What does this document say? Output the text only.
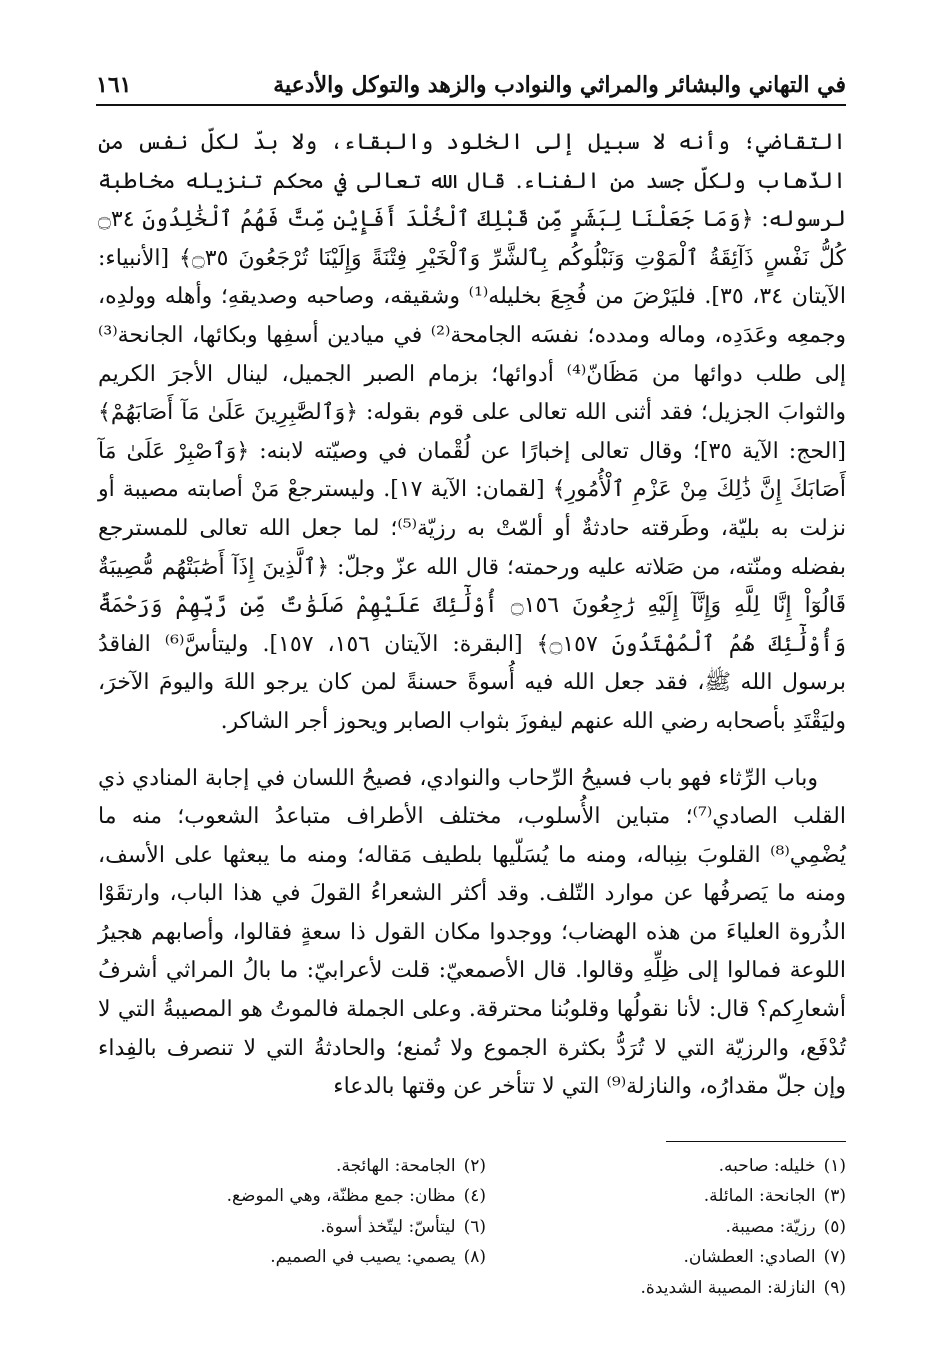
في التهاني والبشائر والمراثي والنوادب والزهد والتوكل والأدعية
١٦١

التقاضي؛ وأنه لا سبيل إلى الخلود والبقاء، ولا بدّ لكلّ نفس من الذّهاب ولكلّ جسد من الفناء. قال الله تعالى في محكم تنزيله مخاطبة لرسوله: ﴿وَمَا جَعَلْنَا لِبَشَرٍ مِّن قَبْلِكَ ٱلْخُلْدَ أَفَإِيْن مِّتَّ فَهُمُ ٱلْخَٰلِدُونَ ۝٣٤ كُلُّ نَفْسٍ ذَآئِقَةُ ٱلْمَوْتِ وَنَبْلُوكُم بِٱلشَّرِّ وَٱلْخَيْرِ فِتْنَةً وَإِلَيْنَا تُرْجَعُونَ ۝٣٥﴾ [الأنبياء: الآيتان ٣٤، ٣٥]. فليَرْضَ من فُجِعَ بخليله⁽¹⁾ وشقيقه، وصاحبه وصديقهِ؛ وأهله وولدِه، وجمعِه وعَدَدِه، وماله ومدده؛ نفسَه الجامحة⁽²⁾ في ميادين أسفِها وبكائها، الجانحة⁽³⁾ إلى طلب دوائها من مَظَانّ⁽⁴⁾ أدوائها؛ بزمام الصبر الجميل، لينال الأجرَ الكريم والثوابَ الجزيل؛ فقد أثنى الله تعالى على قوم بقوله: ﴿وَٱلصَّٰبِرِينَ عَلَىٰ مَآ أَصَابَهُمْ﴾ [الحج: الآية ٣٥]؛ وقال تعالى إخبارًا عن لُقْمان في وصيّته لابنه: ﴿وَٱصْبِرْ عَلَىٰ مَآ أَصَابَكَ إِنَّ ذَٰلِكَ مِنْ عَزْمِ ٱلْأُمُورِ﴾ [لقمان: الآية ١٧]. وليسترجعْ مَنْ أصابته مصيبة أو نزلت به بليّة، وطَرقته حادثةٌ أو ألمّتْ به رزيّة⁽⁵⁾؛ لما جعل الله تعالى للمسترجع بفضله ومنّته، من صَلاته عليه ورحمته؛ قال الله عزّ وجلّ: ﴿ٱلَّذِينَ إِذَآ أَصَٰبَتْهُم مُّصِيبَةٌ قَالُوٓاْ إِنَّا لِلَّهِ وَإِنَّآ إِلَيْهِ رَٰجِعُونَ ۝١٥٦ أُوْلَٰٓئِكَ عَلَيْهِمْ صَلَوَٰتٌ مِّن رَّبِّهِمْ وَرَحْمَةٌ وَأُوْلَٰٓئِكَ هُمُ ٱلْمُهْتَدُونَ ۝١٥٧﴾ [البقرة: الآيتان ١٥٦، ١٥٧]. وليتأسَّ⁽⁶⁾ الفاقدُ برسول الله ﷺ، فقد جعل الله فيه أُسوةً حسنةً لمن كان يرجو اللهَ واليومَ الآخرَ، وليَقْتَدِ بأصحابه رضي الله عنهم ليفوزَ بثواب الصابر ويحوز أجر الشاكر.

وباب الرِّثاء فهو باب فسيحُ الرِّحاب والنوادي، فصيحُ اللسان في إجابة المنادي ذي القلب الصادي⁽⁷⁾؛ متباين الأُسلوب، مختلف الأطراف متباعدُ الشعوب؛ منه ما يُضْمِي⁽⁸⁾ القلوبَ بنِباله، ومنه ما يُسَلّيها بلطيف مَقاله؛ ومنه ما يبعثها على الأسف، ومنه ما يَصرفُها عن موارد التّلف. وقد أكثر الشعراءُ القولَ في هذا الباب، وارتقَوْا الذُروة العلياءَ من هذه الهضاب؛ ووجدوا مكان القول ذا سعةٍ فقالوا، وأصابهم هجيرُ اللوعة فمالوا إلى ظِلِّهِ وقالوا. قال الأصمعيّ: قلت لأعرابيّ: ما بالُ المراثي أشرفُ أشعارِكم؟ قال: لأنا نقولُها وقلوبُنا محترقة. وعلى الجملة فالموتُ هو المصيبةُ التي لا تُدْفَع، والرزيّة التي لا تُرَدُّ بكثرة الجموع ولا تُمنع؛ والحادثةُ التي لا تنصرف بالفِداء وإن جلّ مقدارُه، والنازلة⁽⁹⁾ التي لا تتأخر عن وقتها بالدعاء

(١)خليله: صاحبه.
(٢)الجامحة: الهائجة.
(٣)الجانحة: المائلة.
(٤)مظان: جمع مظنّة، وهي الموضع.
(٥)رزيّة: مصيبة.
(٦)ليتأسّ: ليتّخذ أسوة.
(٧)الصادي: العطشان.
(٨)يصمي: يصيب في الصميم.
(٩)النازلة: المصيبة الشديدة.
